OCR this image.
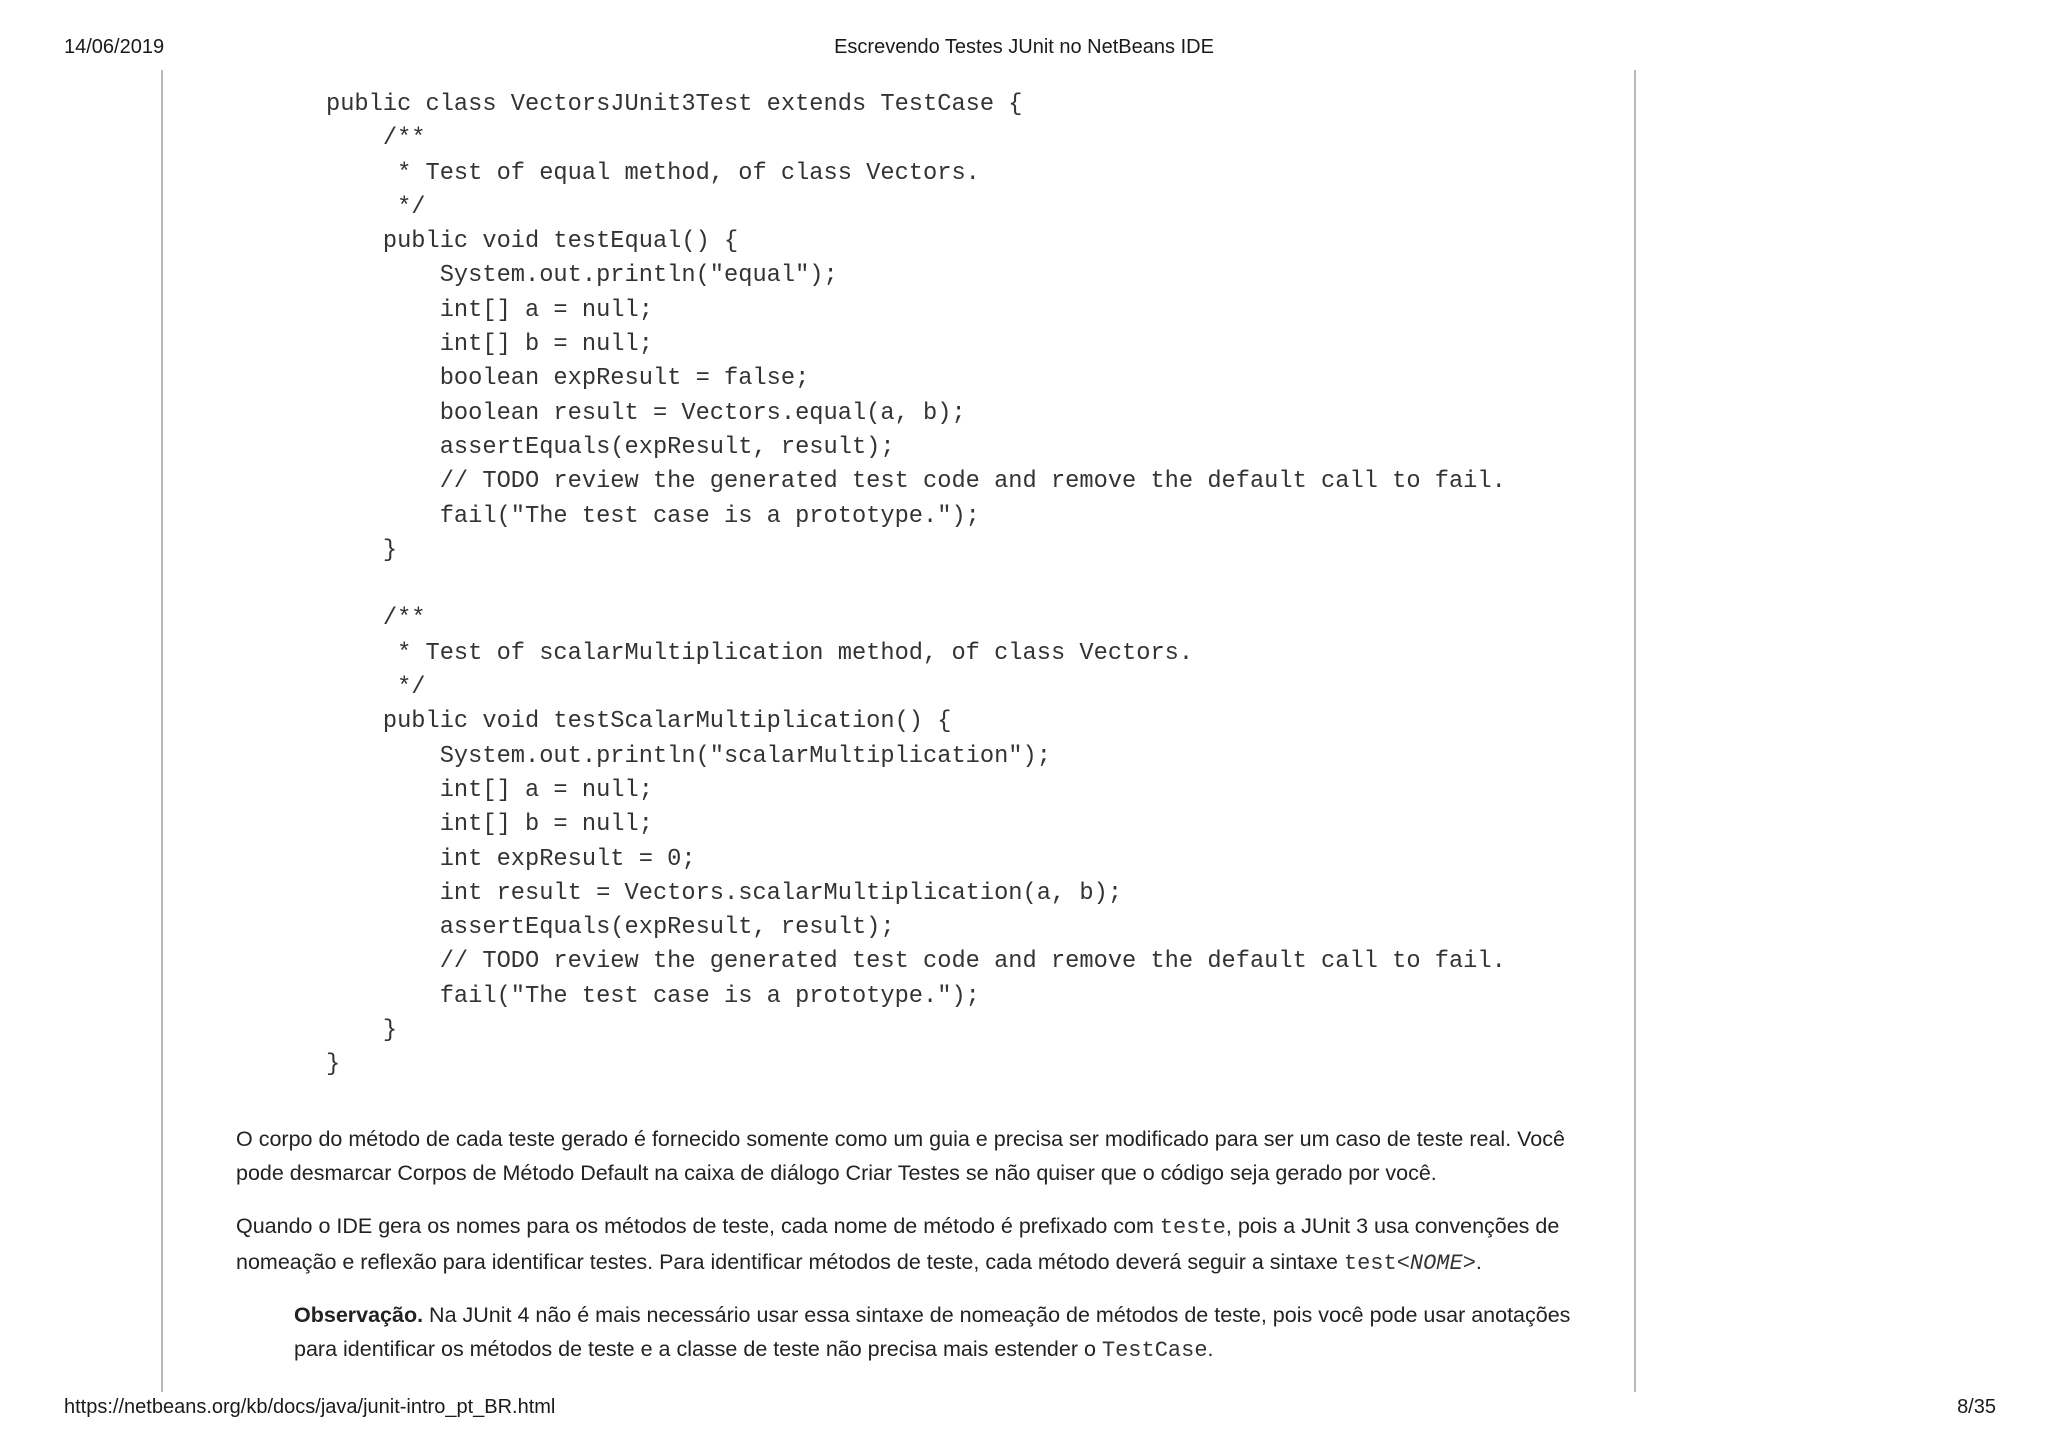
14/06/2019	Escrevendo Testes JUnit no NetBeans IDE
public class VectorsJUnit3Test extends TestCase {
/**
* Test of equal method, of class Vectors.
*/
public void testEqual() {
System.out.println("equal");
int[] a = null;
int[] b = null;
boolean expResult = false;
boolean result = Vectors.equal(a, b);
assertEquals(expResult, result);
// TODO review the generated test code and remove the default call to fail.
fail("The test case is a prototype.");
}
/**
* Test of scalarMultiplication method, of class Vectors.
*/
public void testScalarMultiplication() {
System.out.println("scalarMultiplication");
int[] a = null;
int[] b = null;
int expResult = 0;
int result = Vectors.scalarMultiplication(a, b);
assertEquals(expResult, result);
// TODO review the generated test code and remove the default call to fail.
fail("The test case is a prototype.");
}
}

O corpo do método de cada teste gerado é fornecido somente como um guia e precisa ser modificado para ser um caso de teste real. Você pode desmarcar Corpos de Método Default na caixa de diálogo Criar Testes se não quiser que o código seja gerado por você.

Quando o IDE gera os nomes para os métodos de teste, cada nome de método é prefixado com teste, pois a JUnit 3 usa convenções de nomeação e reflexão para identificar testes. Para identificar métodos de teste, cada método deverá seguir a sintaxe test<NOME>.

Observação. Na JUnit 4 não é mais necessário usar essa sintaxe de nomeação de métodos de teste, pois você pode usar anotações para identificar os métodos de teste e a classe de teste não precisa mais estender o TestCase.

https://netbeans.org/kb/docs/java/junit-intro_pt_BR.html	8/35
